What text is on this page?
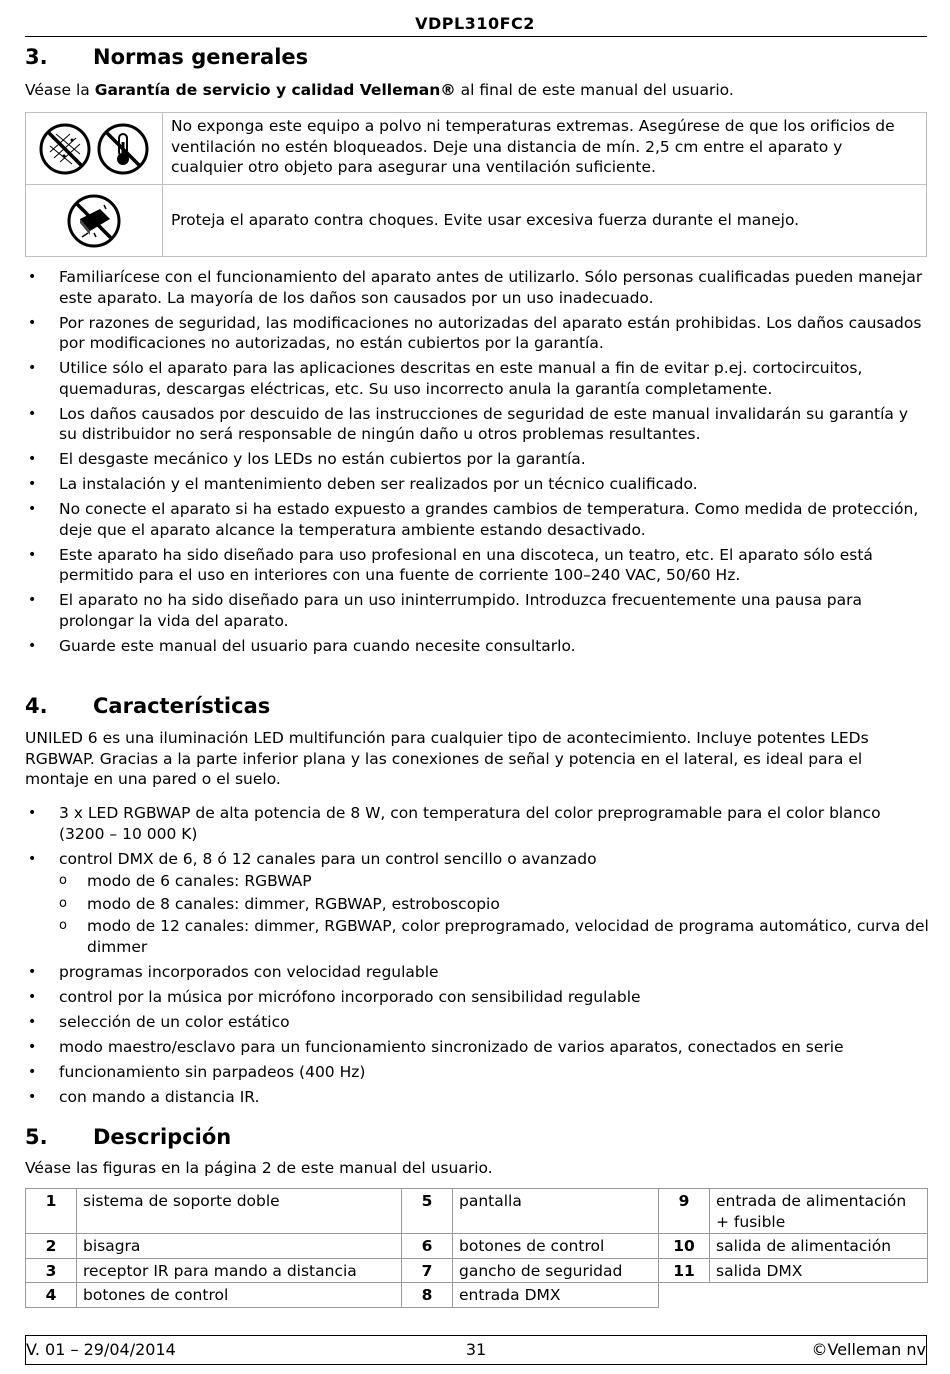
VDPL310FC2
3. Normas generales

Véase la Garantía de servicio y calidad Velleman® al final de este manual del usuario.

	No exponga este equipo a polvo ni temperaturas extremas. Asegúrese de que los orificios de ventilación no estén bloqueados. Deje una distancia de mín. 2,5 cm entre el aparato y cualquier otro objeto para asegurar una ventilación suficiente.
	Proteja el aparato contra choques. Evite usar excesiva fuerza durante el manejo.
• Familiarícese con el funcionamiento del aparato antes de utilizarlo. Sólo personas cualificadas pueden manejar este aparato. La mayoría de los daños son causados por un uso inadecuado.
• Por razones de seguridad, las modificaciones no autorizadas del aparato están prohibidas. Los daños causados por modificaciones no autorizadas, no están cubiertos por la garantía.
• Utilice sólo el aparato para las aplicaciones descritas en este manual a fin de evitar p.ej. cortocircuitos, quemaduras, descargas eléctricas, etc. Su uso incorrecto anula la garantía completamente.
• Los daños causados por descuido de las instrucciones de seguridad de este manual invalidarán su garantía y su distribuidor no será responsable de ningún daño u otros problemas resultantes.
• El desgaste mecánico y los LEDs no están cubiertos por la garantía.
• La instalación y el mantenimiento deben ser realizados por un técnico cualificado.
• No conecte el aparato si ha estado expuesto a grandes cambios de temperatura. Como medida de protección, deje que el aparato alcance la temperatura ambiente estando desactivado.
• Este aparato ha sido diseñado para uso profesional en una discoteca, un teatro, etc. El aparato sólo está permitido para el uso en interiores con una fuente de corriente 100–240 VAC, 50/60 Hz.
• El aparato no ha sido diseñado para un uso ininterrumpido. Introduzca frecuentemente una pausa para prolongar la vida del aparato.
• Guarde este manual del usuario para cuando necesite consultarlo.
4. Características

UNILED 6 es una iluminación LED multifunción para cualquier tipo de acontecimiento. Incluye potentes LEDs RGBWAP. Gracias a la parte inferior plana y las conexiones de señal y potencia en el lateral, es ideal para el montaje en una pared o el suelo.

• 3 x LED RGBWAP de alta potencia de 8 W, con temperatura del color preprogramable para el color blanco (3200 – 10 000 K)
• control DMX de 6, 8 ó 12 canales para un control sencillo o avanzado
o modo de 6 canales: RGBWAP
o modo de 8 canales: dimmer, RGBWAP, estroboscopio
o modo de 12 canales: dimmer, RGBWAP, color preprogramado, velocidad de programa automático, curva del dimmer
• programas incorporados con velocidad regulable
• control por la música por micrófono incorporado con sensibilidad regulable
• selección de un color estático
• modo maestro/esclavo para un funcionamiento sincronizado de varios aparatos, conectados en serie
• funcionamiento sin parpadeos (400 Hz)
• con mando a distancia IR.
5. Descripción

Véase las figuras en la página 2 de este manual del usuario.

1	sistema de soporte doble	5	pantalla	9	entrada de alimentación + fusible
2	bisagra	6	botones de control	10	salida de alimentación
3	receptor IR para mando a distancia	7	gancho de seguridad	11	salida DMX
4	botones de control	8	entrada DMX		
31
V. 01 – 29/04/2014	©Velleman nv
